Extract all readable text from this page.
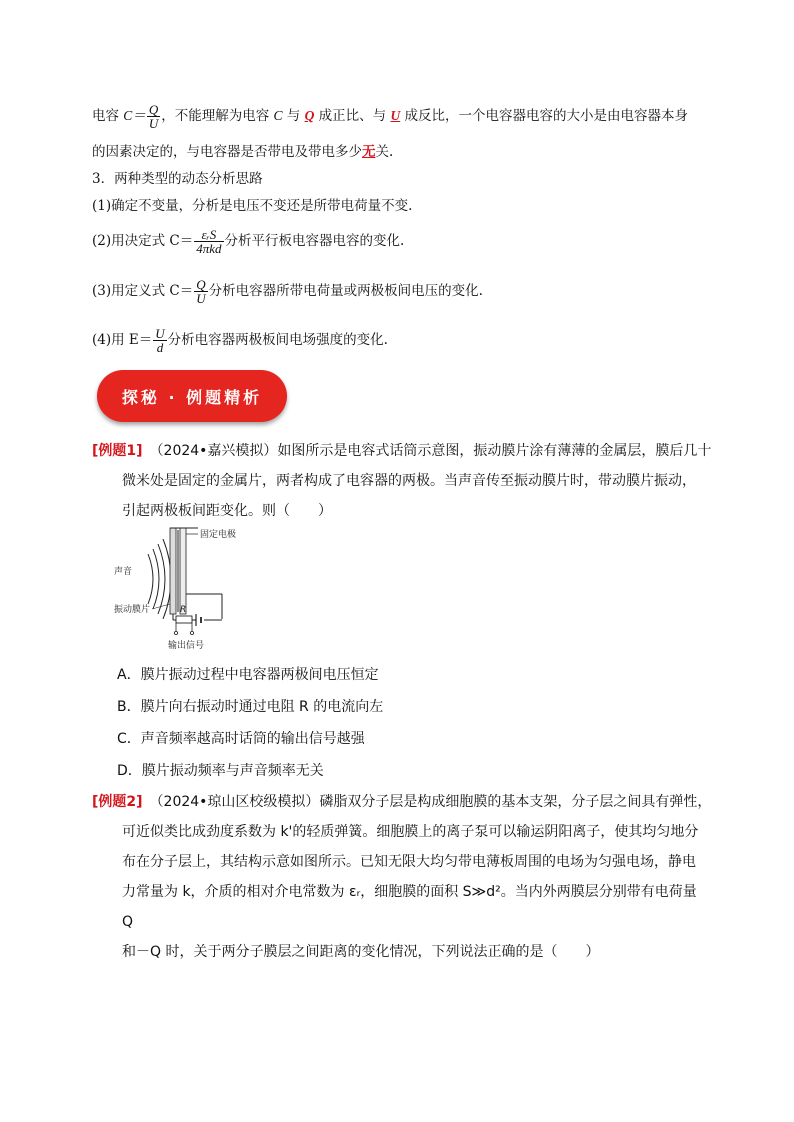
电容 $C= \frac{Q}{U}$ ，不能理解为电容 C 与 Q 成正比、与 U 成反比，一个电容器电容的大小是由电容器本身
的因素决定的，与电容器是否带电及带电多少无关.
3．两种类型的动态分析思路
(1)确定不变量，分析是电压不变还是所带电荷量不变.
(2)用决定式 $C= \frac{\text{εᵣS}}{\text{4πkd}}$ 分析平行板电容器电容的变化.
(3)用定义式 $C= \frac{Q}{U}$ 分析电容器所带电荷量或两极板间电压的变化.
(4)用 $E= \frac{U}{d}$ 分析电容器两极板间电场强度的变化.
探秘 · 例题精析
[例题1]　 （2024•嘉兴模拟）如图所示是电容式话筒示意图，振动膜片涂有薄薄的金属层，膜后几十
微米处是固定的金属片，两者构成了电容器的两极。当声音传至振动膜片时，带动膜片振动，
引起两极板间距变化。则（　　）
R
固定电极
声音
振动膜片
输出信号
A．膜片振动过程中电容器两极间电压恒定
B．膜片向右振动时通过电阻 R 的电流向左
C．声音频率越高时话筒的输出信号越强
D．膜片振动频率与声音频率无关
[例题2]　 （2024•琼山区校级模拟）磷脂双分子层是构成细胞膜的基本支架，分子层之间具有弹性，
可近似类比成劲度系数为 k'的轻质弹簧。细胞膜上的离子泵可以输运阴阳离子，使其均匀地分
布在分子层上，其结构示意如图所示。已知无限大均匀带电薄板周围的电场为匀强电场，静电
力常量为 k，介质的相对介电常数为 εᵣ，细胞膜的面积 S≫d²。当内外两膜层分别带有电荷量 Q
和－Q 时，关于两分子膜层之间距离的变化情况，下列说法正确的是（　　）
